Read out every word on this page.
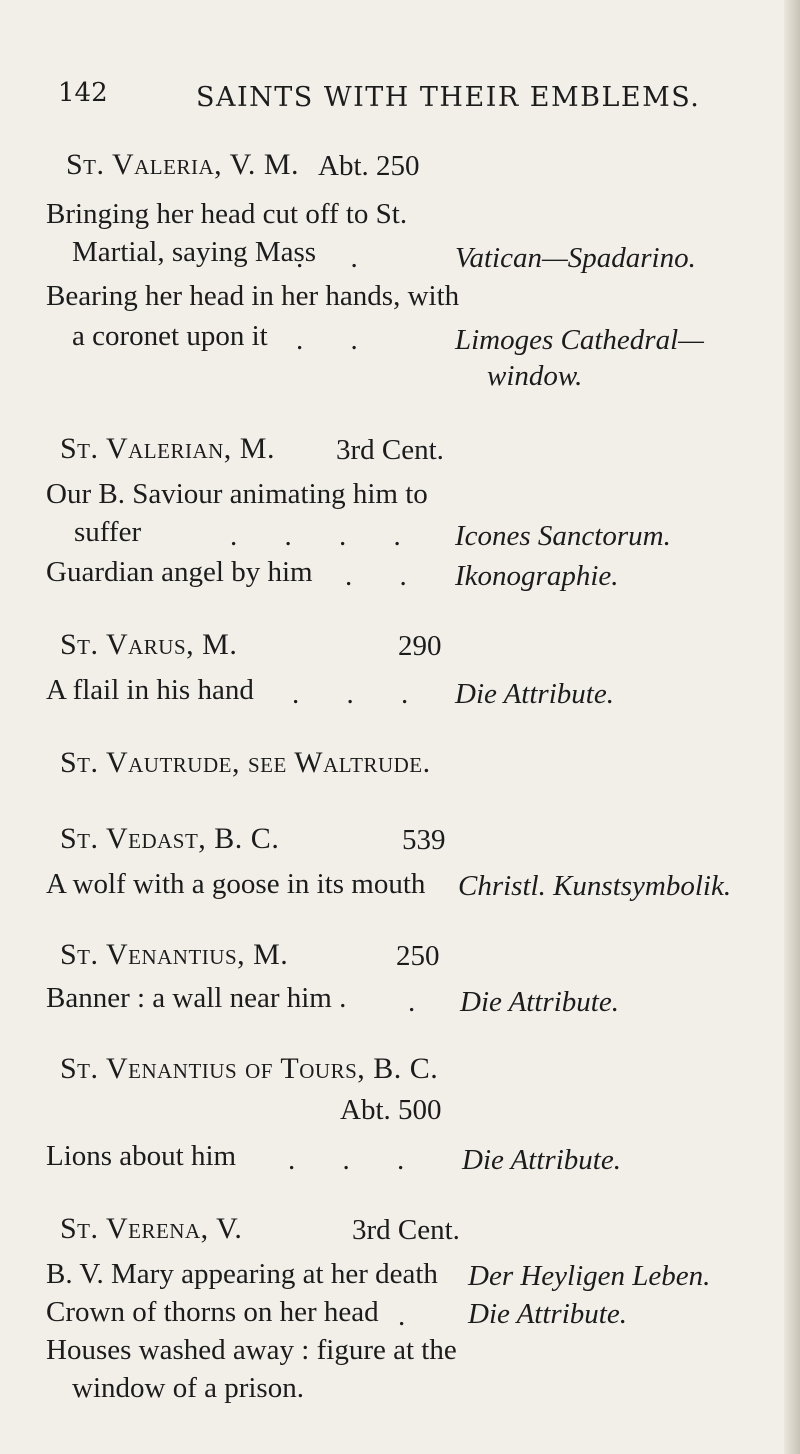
142	SAINTS WITH THEIR EMBLEMS.
St. Valeria, V. M. Abt. 250
Bringing her head cut off to St.
Martial, saying Mass
. .	Vatican—Spadarino.
Bearing her head in her hands, with
a coronet upon it . .	Limoges Cathedral—
window.
St. Valerian, M. 3rd Cent.
Our B. Saviour animating him to
suffer	. . . . Icones Sanctorum.
Guardian angel by him . . Ikonographie.
St. Varus, M.	290
A flail in his hand . . . Die Attribute.
St. Vautrude, see Waltrude.
St. Vedast, B. C.	539
A wolf with a goose in its mouth Christl. Kunstsymbolik.
St. Venantius, M.	250
Banner : a wall near him . . Die Attribute.
St. Venantius of Tours, B. C.
Abt. 500
Lions about him . . . Die Attribute.
St. Verena, V.	3rd Cent.
B. V. Mary appearing at her death Der Heyligen Leben.
Crown of thorns on her head . Die Attribute.
Houses washed away : figure at the
window of a prison.
